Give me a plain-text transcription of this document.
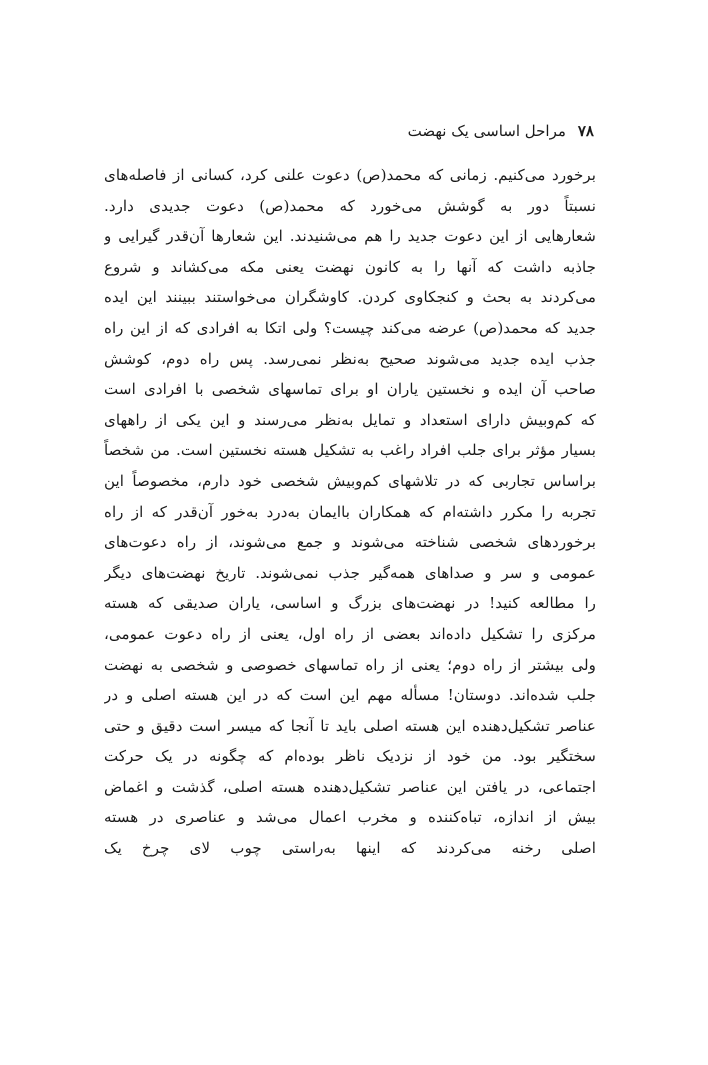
۷۸
مراحل اساسی یک نهضت
برخورد می‌کنیم. زمانی که محمد(ص) دعوت علنی کرد، کسانی از فاصله‌های
نسبتاً دور به گوشش می‌خورد که محمد(ص) دعوت جدیدی دارد.
شعارهایی از این دعوت جدید را هم می‌شنیدند. این شعارها آن‌قدر گیرایی و
جاذبه داشت که آنها را به کانون نهضت یعنی مکه می‌کشاند و شروع
می‌کردند به بحث و کنجکاوی کردن. کاوشگران می‌خواستند ببینند این ایده
جدید که محمد(ص) عرضه می‌کند چیست؟ ولی اتکا به افرادی که از این راه
جذب ایده جدید می‌شوند صحیح به‌نظر نمی‌رسد. پس راه دوم، کوشش
صاحب آن ایده و نخستین یاران او برای تماسهای شخصی با افرادی است
که کم‌وبیش دارای استعداد و تمایل به‌نظر می‌رسند و این یکی از راههای
بسیار مؤثر برای جلب افراد راغب به تشکیل هسته نخستین است. من شخصاً
براساس تجاربی که در تلاشهای کم‌وبیش شخصی خود دارم، مخصوصاً این
تجربه را مکرر داشته‌ام که همکاران باایمان به‌درد به‌خور آن‌قدر که از راه
برخوردهای شخصی شناخته می‌شوند و جمع می‌شوند، از راه دعوت‌های
عمومی و سر و صداهای همه‌گیر جذب نمی‌شوند. تاریخ نهضت‌های دیگر
را مطالعه کنید! در نهضت‌های بزرگ و اساسی، یاران صدیقی که هسته
مرکزی را تشکیل داده‌اند بعضی از راه اول، یعنی از راه دعوت عمومی،
ولی بیشتر از راه دوم؛ یعنی از راه تماسهای خصوصی و شخصی به نهضت
جلب شده‌اند. دوستان! مسأله مهم این است که در این هسته اصلی و در
عناصر تشکیل‌دهنده این هسته اصلی باید تا آنجا که میسر است دقیق و حتی
سختگیر بود. من خود از نزدیک ناظر بوده‌ام که چگونه در یک حرکت
اجتماعی، در یافتن این عناصر تشکیل‌دهنده هسته اصلی، گذشت و اغماض
بیش از اندازه، تباه‌کننده و مخرب اعمال می‌شد و عناصری در هسته
اصلی رخنه می‌کردند که اینها به‌راستی چوب لای چرخ یک
